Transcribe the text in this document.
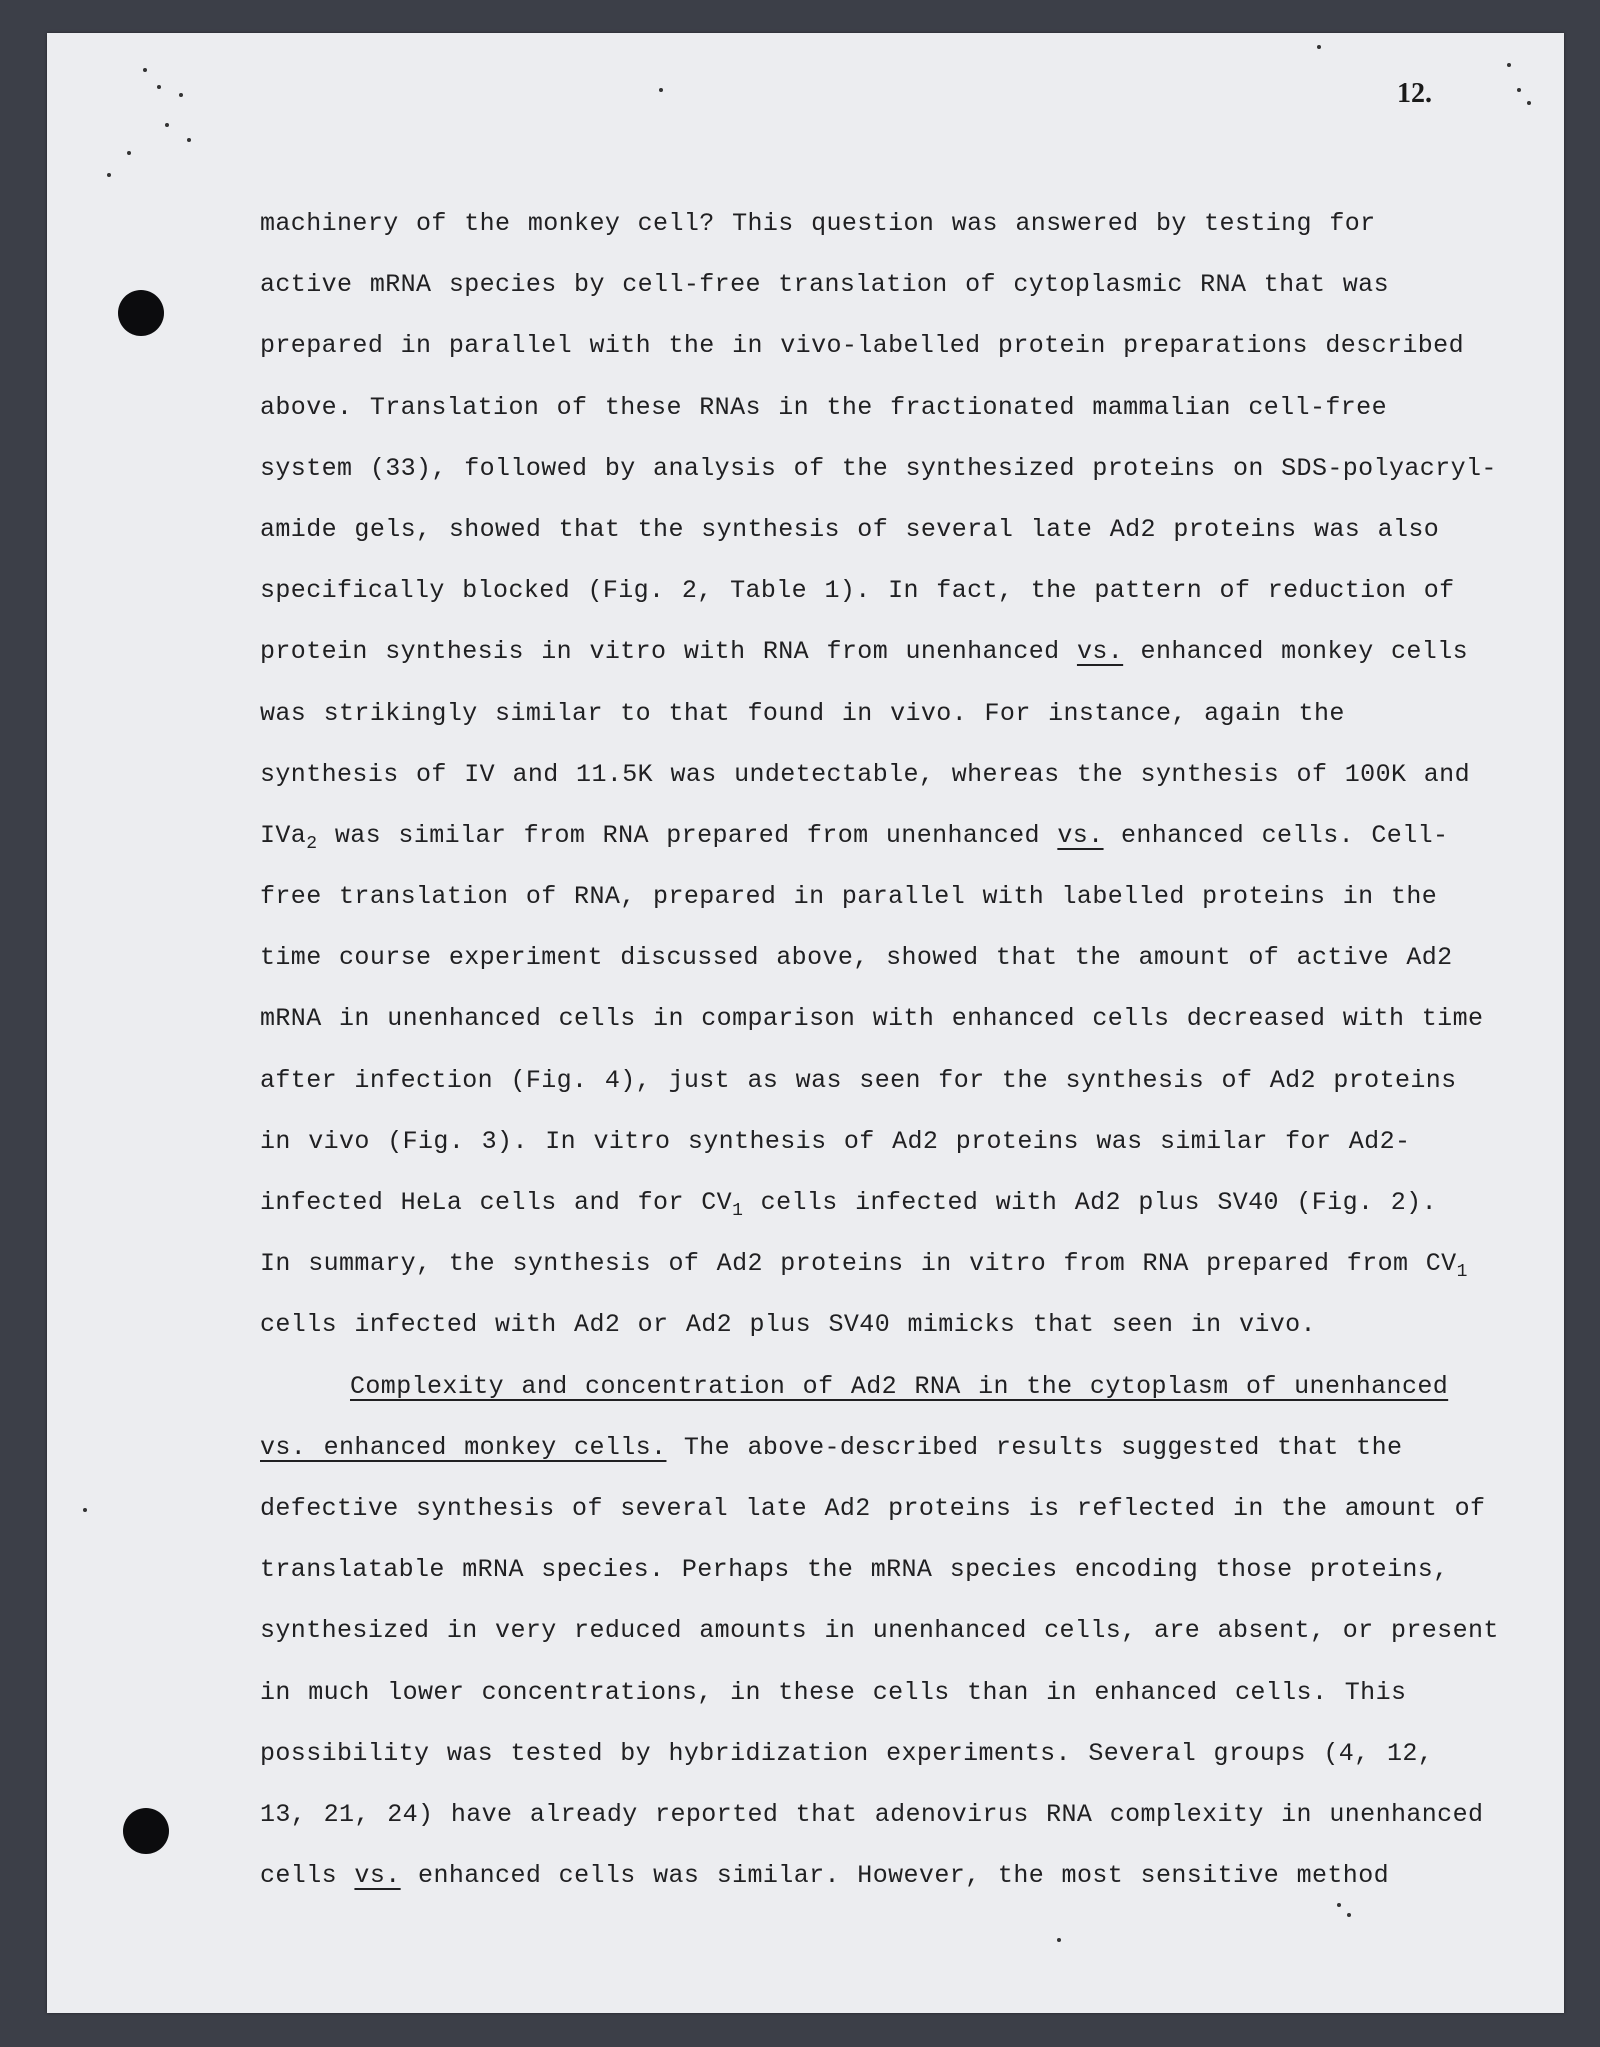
12.
machinery of the monkey cell? This question was answered by testing for
active mRNA species by cell-free translation of cytoplasmic RNA that was
prepared in parallel with the in vivo-labelled protein preparations described
above. Translation of these RNAs in the fractionated mammalian cell-free
system (33), followed by analysis of the synthesized proteins on SDS-polyacryl-
amide gels, showed that the synthesis of several late Ad2 proteins was also
specifically blocked (Fig. 2, Table 1). In fact, the pattern of reduction of
protein synthesis in vitro with RNA from unenhanced vs. enhanced monkey cells
was strikingly similar to that found in vivo. For instance, again the
synthesis of IV and 11.5K was undetectable, whereas the synthesis of 100K and
IVa$_2$ was similar from RNA prepared from unenhanced vs. enhanced cells. Cell-
free translation of RNA, prepared in parallel with labelled proteins in the
time course experiment discussed above, showed that the amount of active Ad2
mRNA in unenhanced cells in comparison with enhanced cells decreased with time
after infection (Fig. 4), just as was seen for the synthesis of Ad2 proteins
in vivo (Fig. 3). In vitro synthesis of Ad2 proteins was similar for Ad2-
infected HeLa cells and for $CV_1$ cells infected with Ad2 plus SV40 (Fig. 2).
In summary, the synthesis of Ad2 proteins in vitro from RNA prepared from $CV_1$
cells infected with Ad2 or Ad2 plus SV40 mimicks that seen in vivo.
Complexity and concentration of Ad2 RNA in the cytoplasm of unenhanced
vs. enhanced monkey cells. The above-described results suggested that the
defective synthesis of several late Ad2 proteins is reflected in the amount of
translatable mRNA species. Perhaps the mRNA species encoding those proteins,
synthesized in very reduced amounts in unenhanced cells, are absent, or present
in much lower concentrations, in these cells than in enhanced cells. This
possibility was tested by hybridization experiments. Several groups (4, 12,
13, 21, 24) have already reported that adenovirus RNA complexity in unenhanced
cells vs. enhanced cells was similar. However, the most sensitive method
